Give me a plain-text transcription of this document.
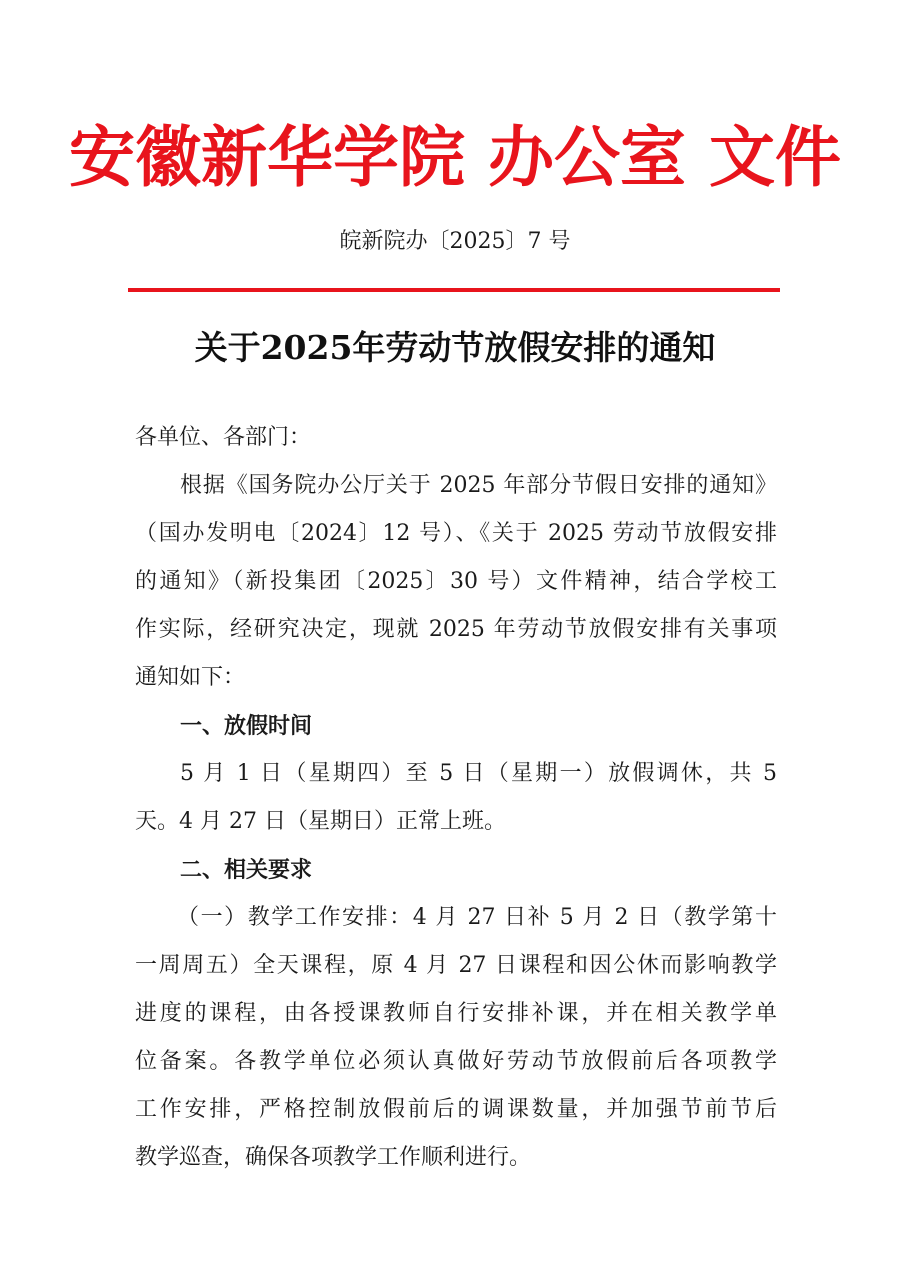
安徽新华学院 办公室 文件
皖新院办〔2025〕7 号
关于2025年劳动节放假安排的通知
各单位、各部门：
根据《国务院办公厅关于 2025 年部分节假日安排的通知》
（国办发明电〔2024〕12 号）、《关于 2025 劳动节放假安排
的通知》（新投集团〔2025〕30 号）文件精神，结合学校工
作实际，经研究决定，现就 2025 年劳动节放假安排有关事项
通知如下：
一、放假时间
5 月 1 日（星期四）至 5 日（星期一）放假调休，共 5
天。4 月 27 日（星期日）正常上班。
二、相关要求
（一）教学工作安排：4 月 27 日补 5 月 2 日（教学第十
一周周五）全天课程，原 4 月 27 日课程和因公休而影响教学
进度的课程，由各授课教师自行安排补课，并在相关教学单
位备案。各教学单位必须认真做好劳动节放假前后各项教学
工作安排，严格控制放假前后的调课数量，并加强节前节后
教学巡查，确保各项教学工作顺利进行。
